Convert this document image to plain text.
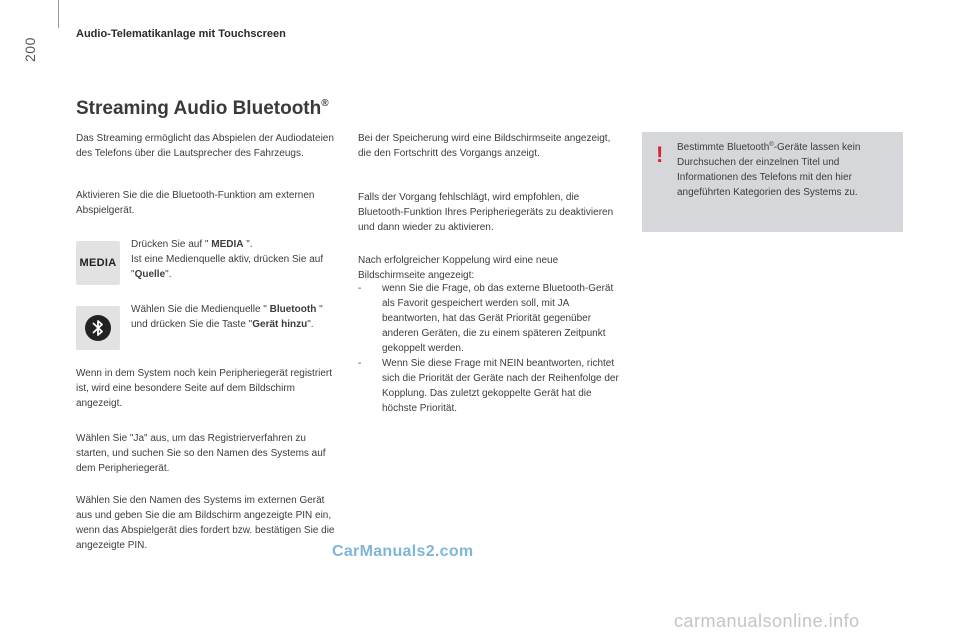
200
Audio-Telematikanlage mit Touchscreen
Streaming Audio Bluetooth®

Das Streaming ermöglicht das Abspielen der Audiodateien des Telefons über die Lautsprecher des Fahrzeugs.

Aktivieren Sie die die Bluetooth-Funktion am externen Abspielgerät.

MEDIA

Drücken Sie auf " MEDIA ".
Ist eine Medienquelle aktiv, drücken Sie auf "Quelle".

Wählen Sie die Medienquelle " Bluetooth " und drücken Sie die Taste "Gerät hinzu".

Wenn in dem System noch kein Peripheriegerät registriert ist, wird eine besondere Seite auf dem Bildschirm angezeigt.

Wählen Sie "Ja" aus, um das Registrierverfahren zu starten, und suchen Sie so den Namen des Systems auf dem Peripheriegerät.

Wählen Sie den Namen des Systems im externen Gerät aus und geben Sie die am Bildschirm angezeigte PIN ein, wenn das Abspielgerät dies fordert bzw. bestätigen Sie die angezeigte PIN.

Bei der Speicherung wird eine Bildschirmseite angezeigt, die den Fortschritt des Vorgangs anzeigt.

Falls der Vorgang fehlschlägt, wird empfohlen, die Bluetooth-Funktion Ihres Peripheriegeräts zu deaktivieren und dann wieder zu aktivieren.

Nach erfolgreicher Koppelung wird eine neue Bildschirmseite angezeigt:

- wenn Sie die Frage, ob das externe Bluetooth-Gerät als Favorit gespeichert werden soll, mit JA beantworten, hat das Gerät Priorität gegenüber anderen Geräten, die zu einem späteren Zeitpunkt gekoppelt werden.

- Wenn Sie diese Frage mit NEIN beantworten, richtet sich die Priorität der Geräte nach der Reihenfolge der Kopplung. Das zuletzt gekoppelte Gerät hat die höchste Priorität.

! Bestimmte Bluetooth®-Geräte lassen kein Durchsuchen der einzelnen Titel und Informationen des Telefons mit den hier angeführten Kategorien des Systems zu.

CarManuals2.com
carmanualsonline.info
